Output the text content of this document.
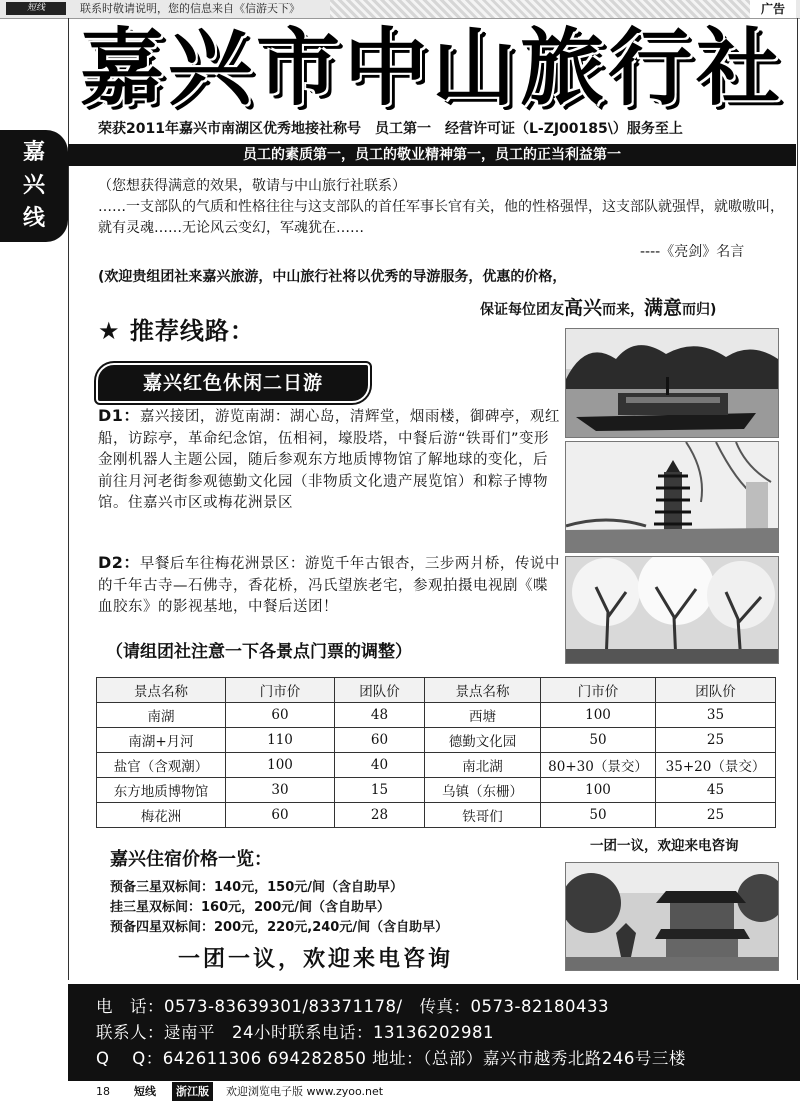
短线	联系时敬请说明，您的信息来自《信游天下》	广告
嘉兴线
嘉兴市中山旅行社
荣获2011年嘉兴市南湖区优秀地接社称号　员工第一　经营许可证（L-ZJ00185\）服务至上
员工的素质第一，员工的敬业精神第一，员工的正当利益第一
（您想获得满意的效果，敬请与中山旅行社联系）
……一支部队的气质和性格往往与这支部队的首任军事长官有关，他的性格强悍，这支部队就强悍，就嗷嗷叫，就有灵魂……无论风云变幻，军魂犹在……
----《亮剑》名言
(欢迎贵组团社来嘉兴旅游，中山旅行社将以优秀的导游服务，优惠的价格，
保证每位团友高兴而来，满意而归)
★ 推荐线路：
嘉兴红色休闲二日游
D1：嘉兴接团，游览南湖：湖心岛，清辉堂，烟雨楼，御碑亭，观红船，访踪亭，革命纪念馆，伍相祠，壕股塔，中餐后游“铁哥们”变形金刚机器人主题公园，随后参观东方地质博物馆了解地球的变化，后前往月河老街参观德勤文化园（非物质文化遗产展览馆）和粽子博物馆。住嘉兴市区或梅花洲景区
D2：早餐后车往梅花洲景区：游览千年古银杏，三步两爿桥，传说中的千年古寺—石佛寺，香花桥，冯氏望族老宅，参观拍摄电视剧《喋血胶东》的影视基地，中餐后送团！
（请组团社注意一下各景点门票的调整）
景点名称	门市价	团队价	景点名称	门市价	团队价
南湖	60	48	西塘	100	35
南湖+月河	110	60	德勤文化园	50	25
盐官（含观潮）	100	40	南北湖	80+30（景交）	35+20（景交）
东方地质博物馆	30	15	乌镇（东栅）	100	45
梅花洲	60	28	铁哥们	50	25
一团一议，欢迎来电咨询
嘉兴住宿价格一览：
预备三星双标间：140元，150元/间（含自助早）
挂三星双标间：160元，200元/间（含自助早）
预备四星双标间：200元，220元,240元/间（含自助早）
一团一议，欢迎来电咨询
电　话：0573-83639301/83371178/　传真：0573-82180433
联系人：逯南平　24小时联系电话：13136202981
Q　 Q：642611306 694282850 地址：（总部）嘉兴市越秀北路246号三楼
18 短线	浙江版	欢迎浏览电子版 www.zyoo.net
